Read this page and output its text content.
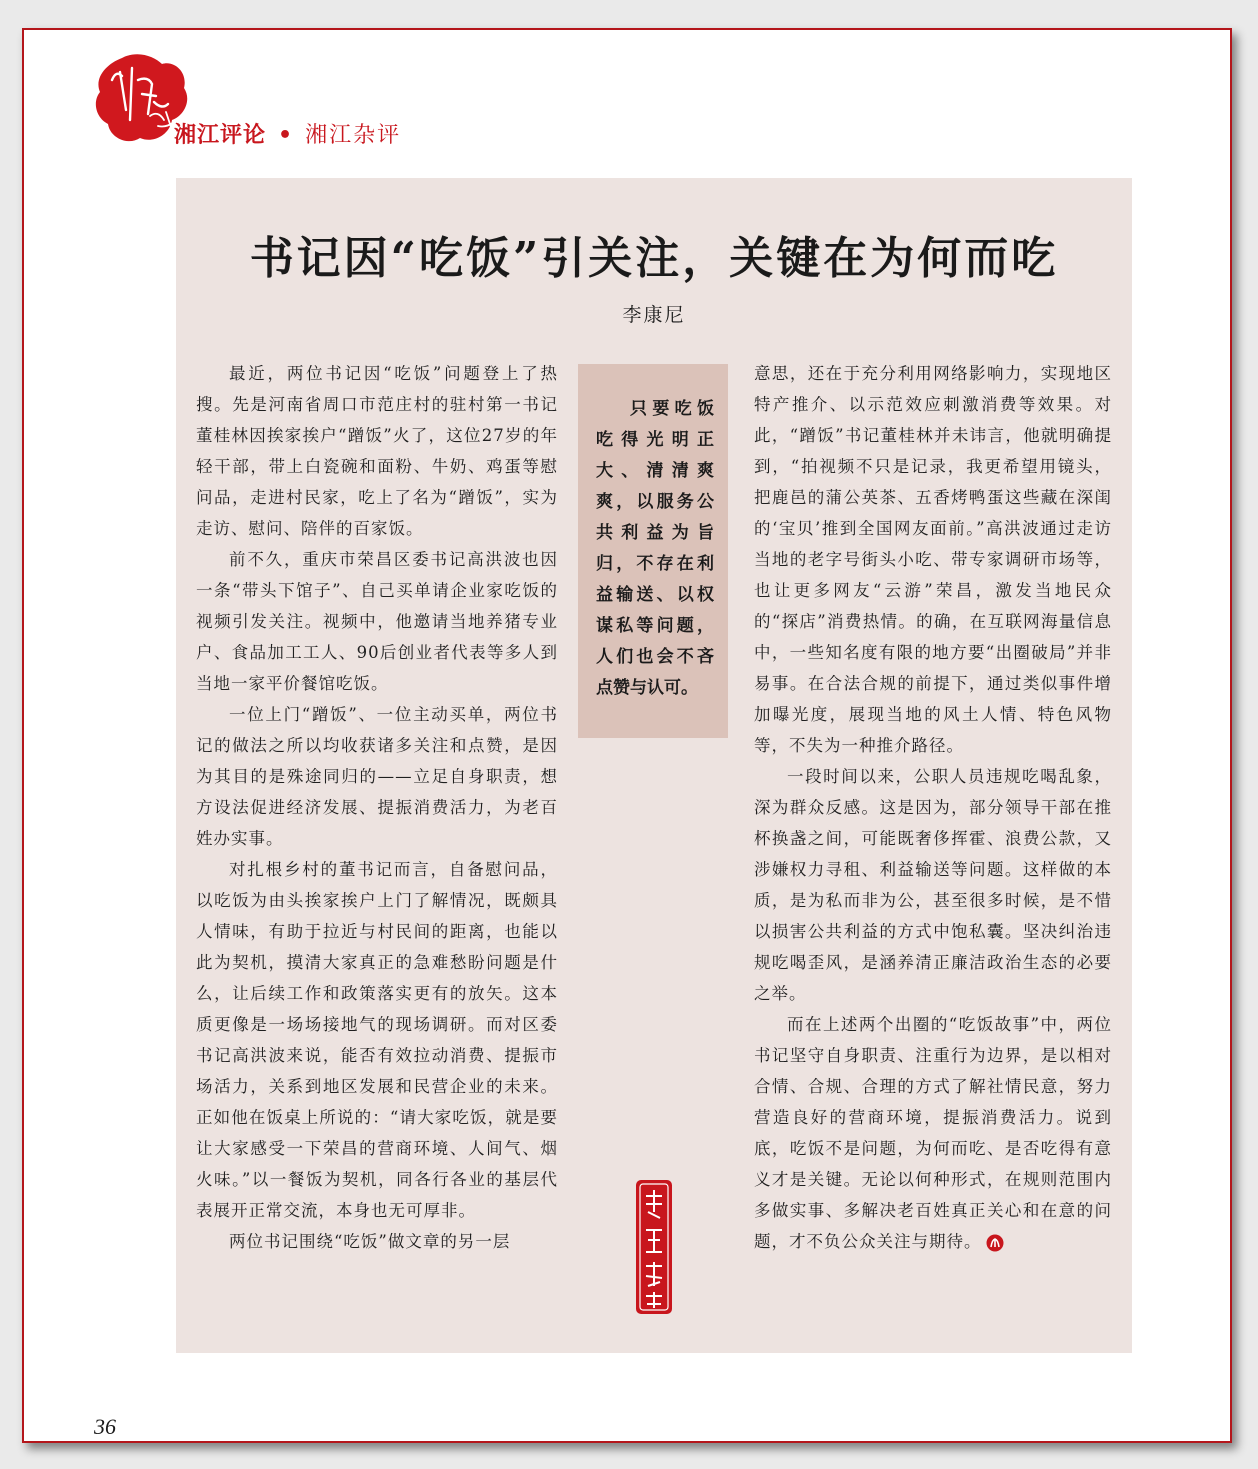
湘江评论 • 湘江杂评
书记因“吃饭”引关注，关键在为何而吃
李康尼

最近，两位书记因“吃饭”问题登上了热搜。先是河南省周口市范庄村的驻村第一书记董桂林因挨家挨户“蹭饭”火了，这位27岁的年轻干部，带上白瓷碗和面粉、牛奶、鸡蛋等慰问品，走进村民家，吃上了名为“蹭饭”，实为走访、慰问、陪伴的百家饭。

前不久，重庆市荣昌区委书记高洪波也因一条“带头下馆子”、自己买单请企业家吃饭的视频引发关注。视频中，他邀请当地养猪专业户、食品加工工人、90后创业者代表等多人到当地一家平价餐馆吃饭。

一位上门“蹭饭”、一位主动买单，两位书记的做法之所以均收获诸多关注和点赞，是因为其目的是殊途同归的——立足自身职责，想方设法促进经济发展、提振消费活力，为老百姓办实事。

对扎根乡村的董书记而言，自备慰问品，以吃饭为由头挨家挨户上门了解情况，既颇具人情味，有助于拉近与村民间的距离，也能以此为契机，摸清大家真正的急难愁盼问题是什么，让后续工作和政策落实更有的放矢。这本质更像是一场场接地气的现场调研。而对区委书记高洪波来说，能否有效拉动消费、提振市场活力，关系到地区发展和民营企业的未来。正如他在饭桌上所说的：“请大家吃饭，就是要让大家感受一下荣昌的营商环境、人间气、烟火味。”以一餐饭为契机，同各行各业的基层代表展开正常交流，本身也无可厚非。

两位书记围绕“吃饭”做文章的另一层

只要吃饭吃得光明正大、清清爽爽，以服务公共利益为旨归，不存在利益输送、以权谋私等问题，人们也会不吝点赞与认可。

意思，还在于充分利用网络影响力，实现地区特产推介、以示范效应刺激消费等效果。对此，“蹭饭”书记董桂林并未讳言，他就明确提到，“拍视频不只是记录，我更希望用镜头，把鹿邑的蒲公英茶、五香烤鸭蛋这些藏在深闺的‘宝贝’推到全国网友面前。”高洪波通过走访当地的老字号街头小吃、带专家调研市场等，也让更多网友“云游”荣昌，激发当地民众的“探店”消费热情。的确，在互联网海量信息中，一些知名度有限的地方要“出圈破局”并非易事。在合法合规的前提下，通过类似事件增加曝光度，展现当地的风土人情、特色风物等，不失为一种推介路径。

一段时间以来，公职人员违规吃喝乱象，深为群众反感。这是因为，部分领导干部在推杯换盏之间，可能既奢侈挥霍、浪费公款，又涉嫌权力寻租、利益输送等问题。这样做的本质，是为私而非为公，甚至很多时候，是不惜以损害公共利益的方式中饱私囊。坚决纠治违规吃喝歪风，是涵养清正廉洁政治生态的必要之举。

而在上述两个出圈的“吃饭故事”中，两位书记坚守自身职责、注重行为边界，是以相对合情、合规、合理的方式了解社情民意，努力营造良好的营商环境，提振消费活力。说到底，吃饭不是问题，为何而吃、是否吃得有意义才是关键。无论以何种形式，在规则范围内多做实事、多解决老百姓真正关心和在意的问题，才不负公众关注与期待。

36
